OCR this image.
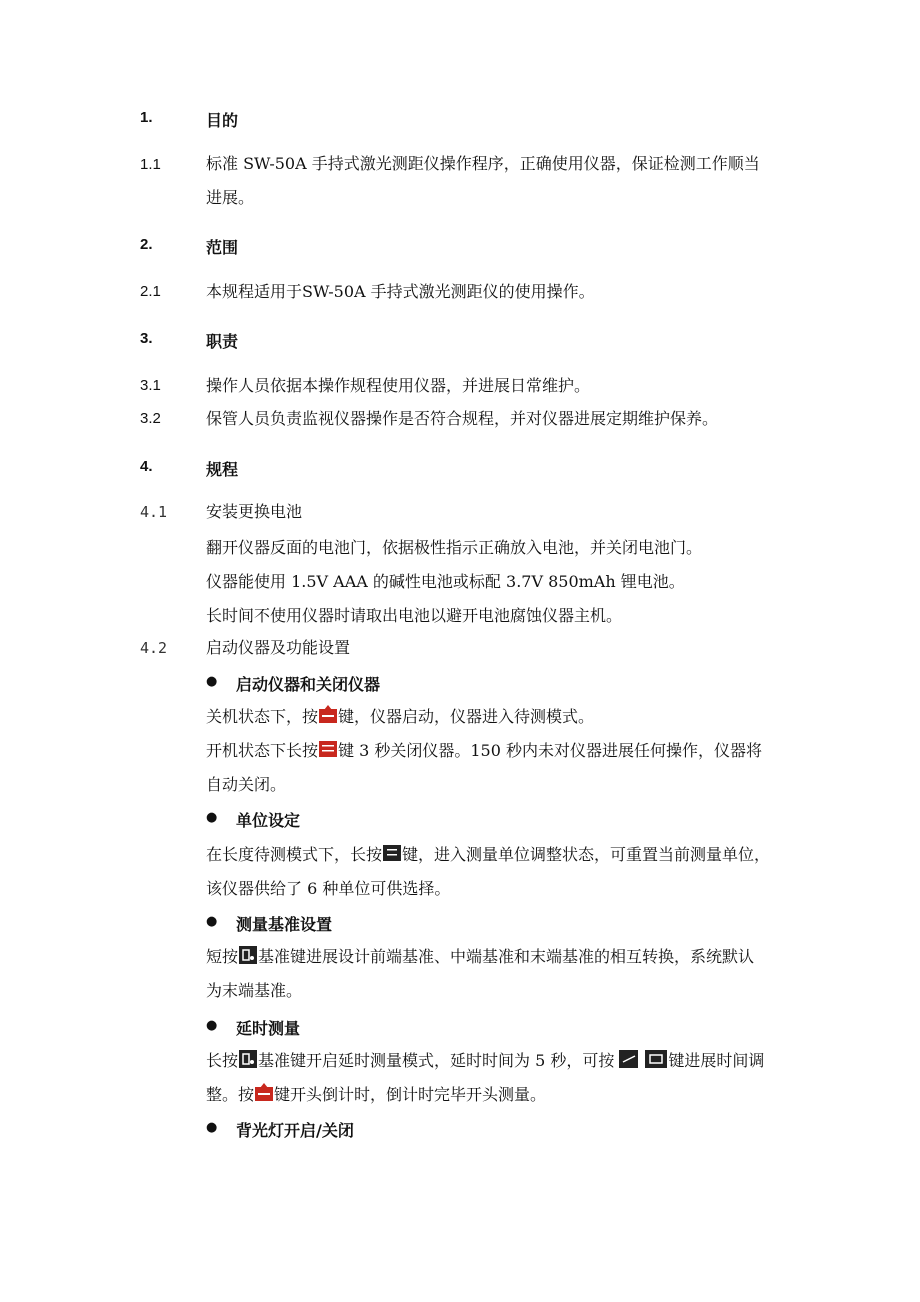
1.	目的
1.1	标准 SW-50A 手持式激光测距仪操作程序，正确使用仪器，保证检测工作顺当
进展。
2.	范围
2.1	本规程适用于SW-50A 手持式激光测距仪的使用操作。
3.	职责
3.1	操作人员依据本操作规程使用仪器，并进展日常维护。
3.2	保管人员负责监视仪器操作是否符合规程，并对仪器进展定期维护保养。
4.	规程
4.1 安装更换电池
翻开仪器反面的电池门，依据极性指示正确放入电池，并关闭电池门。
仪器能使用 1.5V AAA 的碱性电池或标配 3.7V 850mAh 锂电池。
长时间不使用仪器时请取出电池以避开电池腐蚀仪器主机。
4.2 启动仪器及功能设置
● 启动仪器和关闭仪器
关机状态下，按 键，仪器启动，仪器进入待测模式。
开机状态下长按 键 3 秒关闭仪器。150 秒内未对仪器进展任何操作，仪器将
自动关闭。
● 单位设定
在长度待测模式下，长按 键，进入测量单位调整状态，可重置当前测量单位，
该仪器供给了 6 种单位可供选择。
● 测量基准设置
短按 基准键进展设计前端基准、中端基准和末端基准的相互转换，系统默认
为末端基准。
● 延时测量
长按 基准键开启延时测量模式，延时时间为 5 秒，可按	键进展时间调
整。按 键开头倒计时，倒计时完毕开头测量。
● 背光灯开启/关闭
